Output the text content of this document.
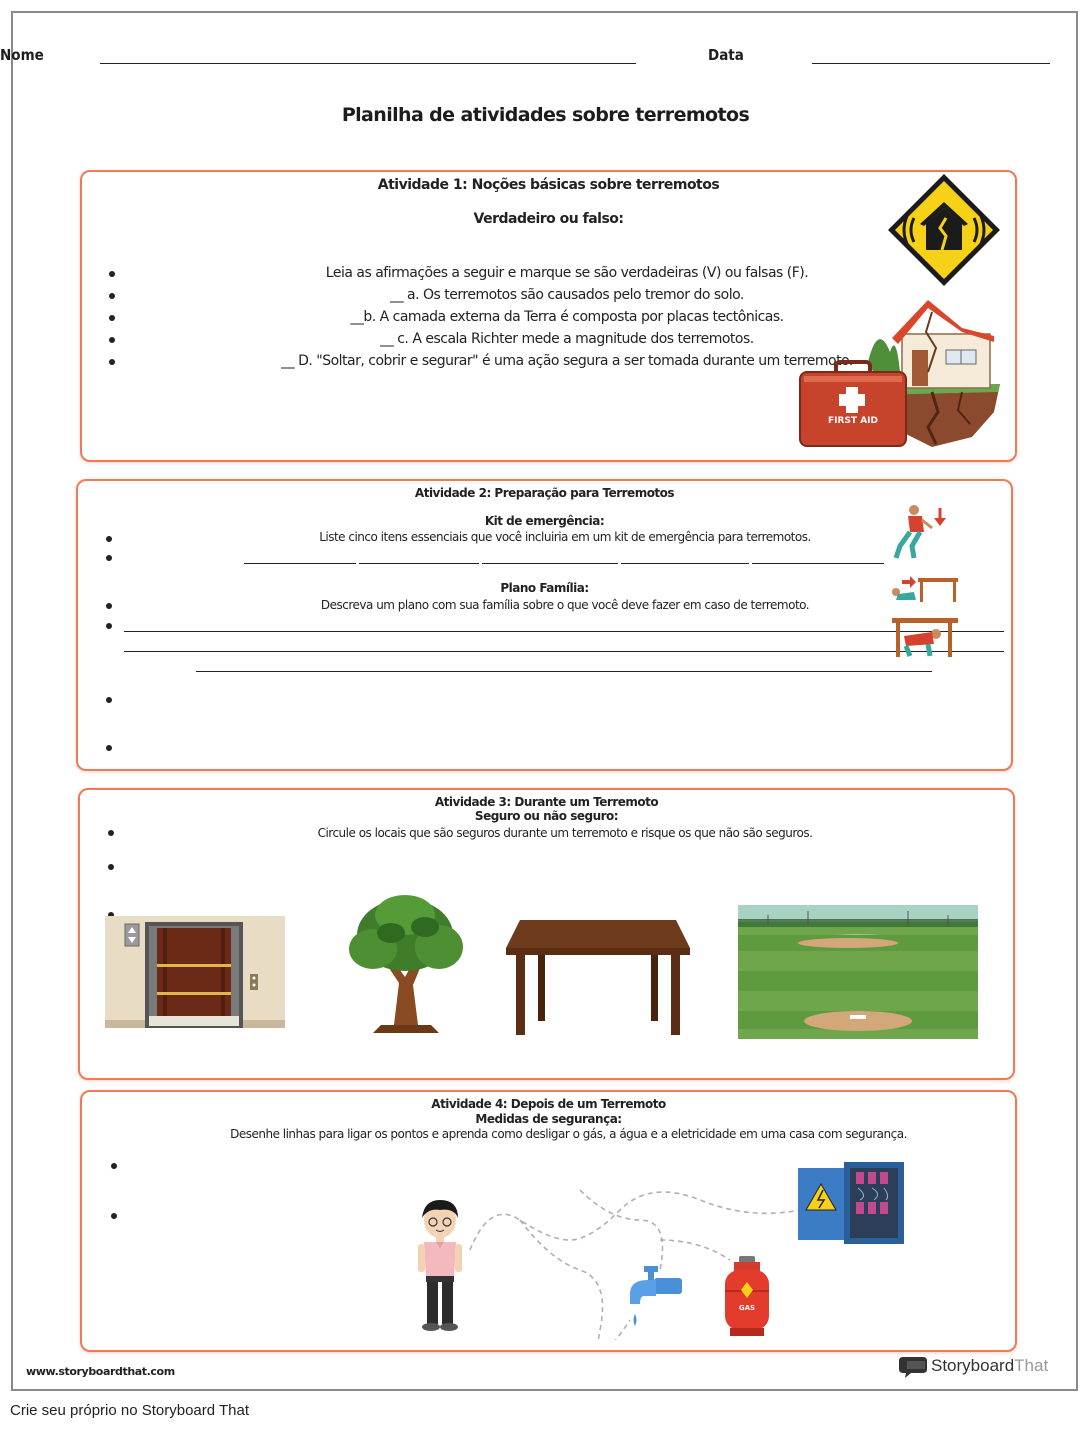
Nome	Data
Planilha de atividades sobre terremotos
Atividade 1: Noções básicas sobre terremotos
Verdadeiro ou falso:
Leia as afirmações a seguir e marque se são verdadeiras (V) ou falsas (F).
__ a. Os terremotos são causados pelo tremor do solo.
__b. A camada externa da Terra é composta por placas tectônicas.
__ c. A escala Richter mede a magnitude dos terremotos.
__ D. "Soltar, cobrir e segurar" é uma ação segura a ser tomada durante um terremoto.
FIRST AID
Atividade 2: Preparação para Terremotos
Kit de emergência:
Liste cinco itens essenciais que você incluiria em um kit de emergência para terremotos.
Plano Família:
Descreva um plano com sua família sobre o que você deve fazer em caso de terremoto.
Atividade 3: Durante um Terremoto
Seguro ou não seguro:
Circule os locais que são seguros durante um terremoto e risque os que não são seguros.
Atividade 4: Depois de um Terremoto
Medidas de segurança:
Desenhe linhas para ligar os pontos e aprenda como desligar o gás, a água e a eletricidade em uma casa com segurança.
GAS
www.storyboardthat.com	StoryboardThat
Crie seu próprio no Storyboard That
